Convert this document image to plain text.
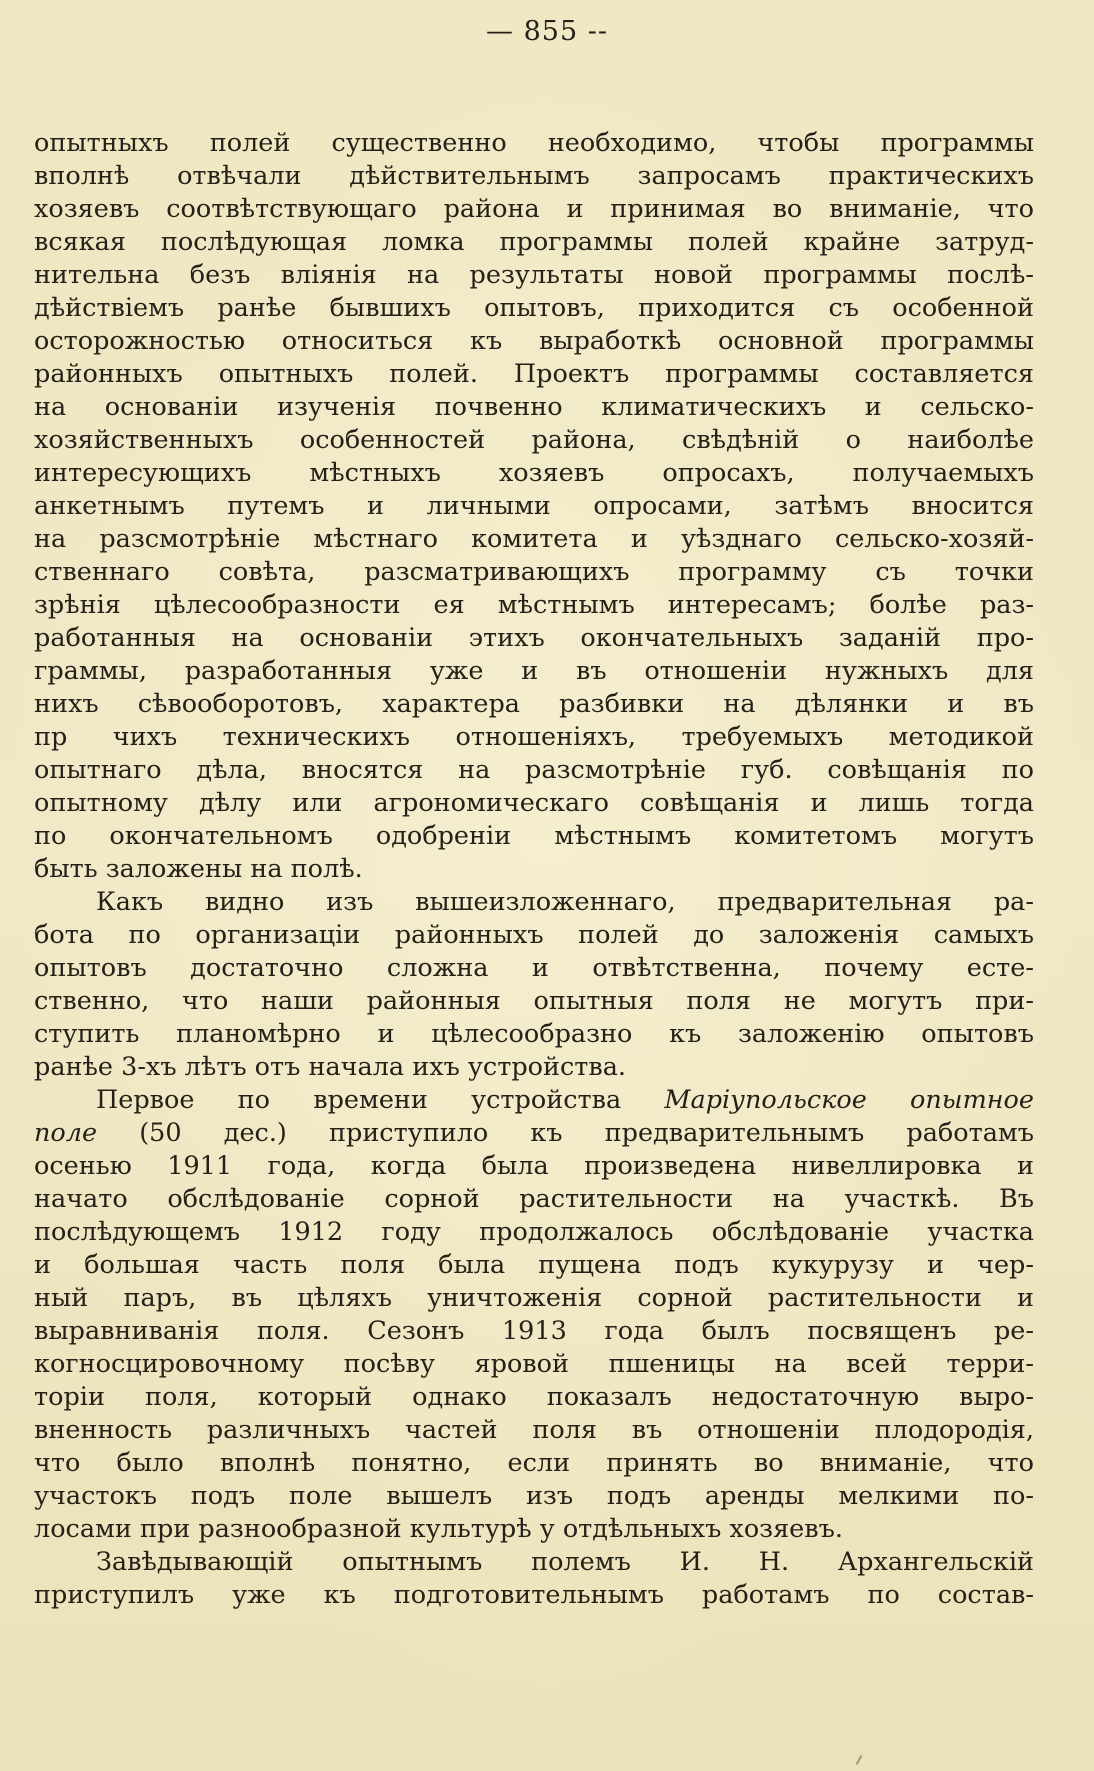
— 855 --
опытныхъ полей существенно необходимо, чтобы программы
вполнѣ отвѣчали дѣйствительнымъ запросамъ практическихъ
хозяевъ соотвѣтствующаго района и принимая во вниманіе, что
всякая послѣдующая ломка программы полей крайне затруд-
нительна безъ вліянія на результаты новой программы послѣ-
дѣйствіемъ ранѣе бывшихъ опытовъ, приходится съ особенной
осторожностью относиться къ выработкѣ основной программы
районныхъ опытныхъ полей. Проектъ программы составляется
на основаніи изученія почвенно климатическихъ и сельско-
хозяйственныхъ особенностей района, свѣдѣній о наиболѣе
интересующихъ мѣстныхъ хозяевъ опросахъ, получаемыхъ
анкетнымъ путемъ и личными опросами, затѣмъ вносится
на разсмотрѣніе мѣстнаго комитета и уѣзднаго сельско-хозяй-
ственнаго совѣта, разсматривающихъ программу съ точки
зрѣнія цѣлесообразности ея мѣстнымъ интересамъ; болѣе раз-
работанныя на основаніи этихъ окончательныхъ заданій про-
граммы, разработанныя уже и въ отношеніи нужныхъ для
нихъ сѣвооборотовъ, характера разбивки на дѣлянки и въ
пр чихъ техническихъ отношеніяхъ, требуемыхъ методикой
опытнаго дѣла, вносятся на разсмотрѣніе губ. совѣщанія по
опытному дѣлу или агрономическаго совѣщанія и лишь тогда
по окончательномъ одобреніи мѣстнымъ комитетомъ могутъ
быть заложены на полѣ.
Какъ видно изъ вышеизложеннаго, предварительная ра-
бота по организаціи районныхъ полей до заложенія самыхъ
опытовъ достаточно сложна и отвѣтственна, почему есте-
ственно, что наши районныя опытныя поля не могутъ при-
ступить планомѣрно и цѣлесообразно къ заложенію опытовъ
ранѣе 3-хъ лѣтъ отъ начала ихъ устройства.
Первое по времени устройства Маріупольское опытное
поле (50 дес.) приступило къ предварительнымъ работамъ
осенью 1911 года, когда была произведена нивеллировка и
начато обслѣдованіе сорной растительности на участкѣ. Въ
послѣдующемъ 1912 году продолжалось обслѣдованіе участка
и большая часть поля была пущена подъ кукурузу и чер-
ный паръ, въ цѣляхъ уничтоженія сорной растительности и
выравниванія поля. Сезонъ 1913 года былъ посвященъ ре-
когносцировочному посѣву яровой пшеницы на всей терри-
торіи поля, который однако показалъ недостаточную выро-
вненность различныхъ частей поля въ отношеніи плодородія,
что было вполнѣ понятно, если принять во вниманіе, что
участокъ подъ поле вышелъ изъ подъ аренды мелкими по-
лосами при разнообразной культурѣ у отдѣльныхъ хозяевъ.
Завѣдывающій опытнымъ полемъ И. Н. Архангельскій
приступилъ уже къ подготовительнымъ работамъ по состав-
